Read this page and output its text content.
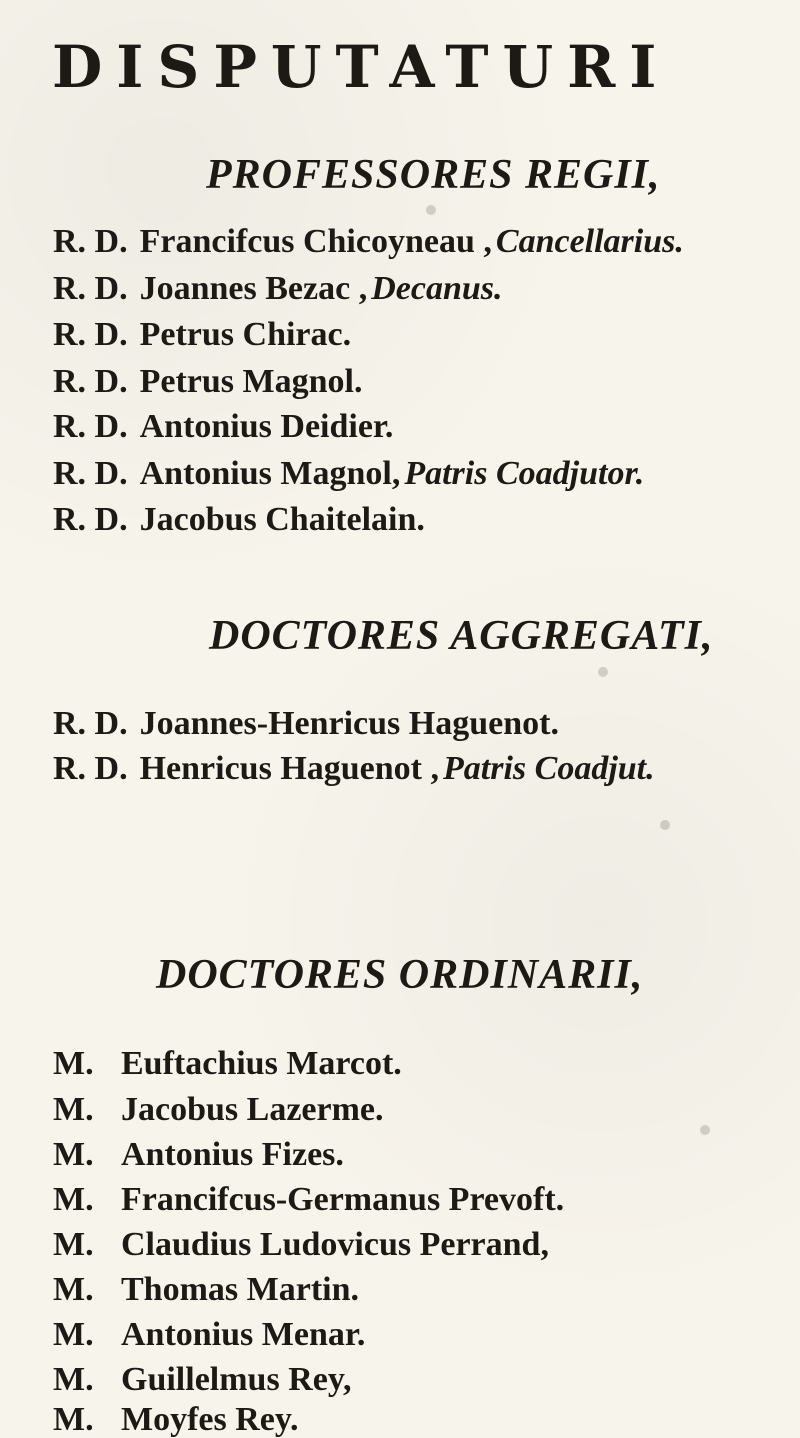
DISPUTATURI
PROFESSORES REGII,
R. D. Francifcus Chicoyneau , Cancellarius.
R. D. Joannes Bezac , Decanus.
R. D. Petrus Chirac.
R. D. Petrus Magnol.
R. D. Antonius Deidier.
R. D. Antonius Magnol, Patris Coadjutor.
R. D. Jacobus Chaitelain.
DOCTORES AGGREGATI,
R. D. Joannes-Henricus Haguenot.
R. D. Henricus Haguenot , Patris Coadjut.
DOCTORES ORDINARII,
M. Euftachius Marcot.
M. Jacobus Lazerme.
M. Antonius Fizes.
M. Francifcus-Germanus Prevoft.
M. Claudius Ludovicus Perrand,
M. Thomas Martin.
M. Antonius Menar.
M. Guillelmus Rey,
M. Moyfes Rey.
